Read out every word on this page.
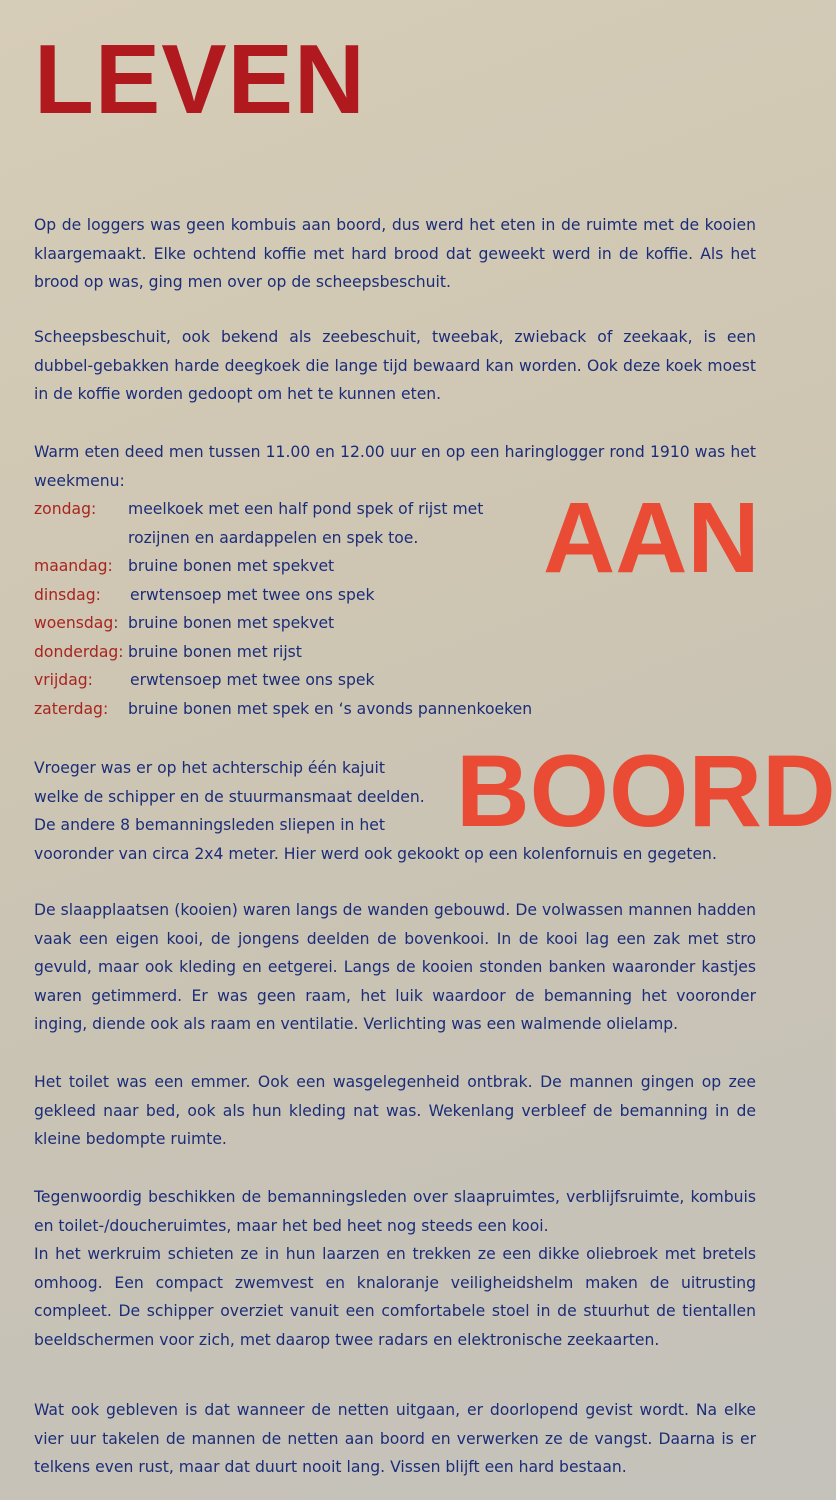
LEVEN

Op de loggers was geen kombuis aan boord, dus werd het eten in de ruimte met de kooien klaargemaakt. Elke ochtend koffie met hard brood dat geweekt werd in de koffie. Als het brood op was, ging men over op de scheepsbeschuit.

Scheepsbeschuit, ook bekend als zeebeschuit, tweebak, zwieback of zeekaak, is een dubbel-gebakken harde deegkoek die lange tijd bewaard kan worden. Ook deze koek moest in de koffie worden gedoopt om het te kunnen eten.

Warm eten deed men tussen 11.00 en 12.00 uur en op een haringlogger rond 1910 was het weekmenu:

zondag:	meelkoek met een half pond spek of rijst met
rozijnen en aardappelen en spek toe.
maandag: bruine bonen met spekvet
dinsdag:	erwtensoep met twee ons spek
woensdag: bruine bonen met spekvet
donderdag: bruine bonen met rijst
vrijdag:	erwtensoep met twee ons spek
zaterdag:	bruine bonen met spek en ‘s avonds pannenkoeken
AAN
BOORD
Vroeger was er op het achterschip één kajuit
welke de schipper en de stuurmansmaat deelden.
De andere 8 bemanningsleden sliepen in het
vooronder van circa 2x4 meter. Hier werd ook gekookt op een kolenfornuis en gegeten.

De slaapplaatsen (kooien) waren langs de wanden gebouwd. De volwassen mannen hadden vaak een eigen kooi, de jongens deelden de bovenkooi. In de kooi lag een zak met stro gevuld, maar ook kleding en eetgerei. Langs de kooien stonden banken waaronder kastjes waren getimmerd. Er was geen raam, het luik waardoor de bemanning het vooronder inging, diende ook als raam en ventilatie. Verlichting was een walmende olielamp.

Het toilet was een emmer. Ook een wasgelegenheid ontbrak. De mannen gingen op zee gekleed naar bed, ook als hun kleding nat was. Wekenlang verbleef de bemanning in de kleine bedompte ruimte.

Tegenwoordig beschikken de bemanningsleden over slaapruimtes, verblijfsruimte, kombuis en toilet-/doucheruimtes, maar het bed heet nog steeds een kooi.
In het werkruim schieten ze in hun laarzen en trekken ze een dikke oliebroek met bretels omhoog. Een compact zwemvest en knaloranje veiligheidshelm maken de uitrusting compleet. De schipper overziet vanuit een comfortabele stoel in de stuurhut de tientallen beeldschermen voor zich, met daarop twee radars en elektronische zeekaarten.

Wat ook gebleven is dat wanneer de netten uitgaan, er doorlopend gevist wordt. Na elke vier uur takelen de mannen de netten aan boord en verwerken ze de vangst. Daarna is er telkens even rust, maar dat duurt nooit lang. Vissen blijft een hard bestaan.
